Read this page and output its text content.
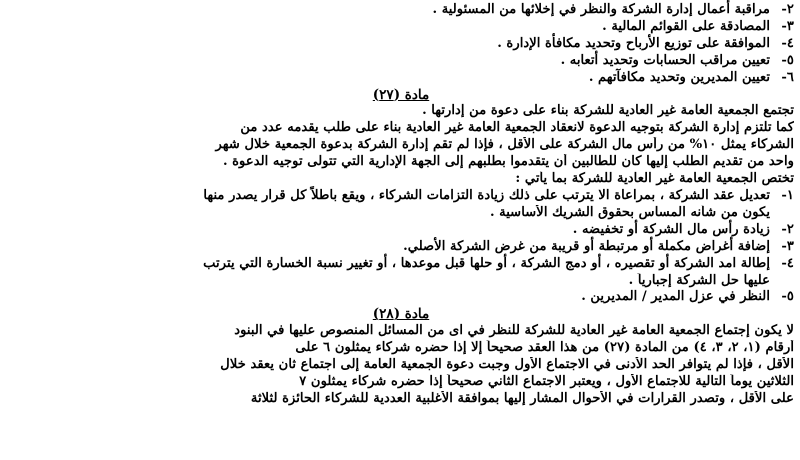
٢-
مراقبة أعمال إدارة الشركة والنظر في إخلائها من المسئولية .
٣-
المصادقة على القوائم المالية .
٤-
الموافقة على توزيع الأرباح وتحديد مكافأة الإدارة .
٥-
تعيين مراقب الحسابات وتحديد أتعابه .
٦-
تعيين المديرين وتحديد مكافآتهم .
مادة (٢٧)
تجتمع الجمعية العامة غير العادية للشركة بناء على دعوة من إدارتها .
كما تلتزم إدارة الشركة بتوجيه الدعوة لانعقاد الجمعية العامة غير العادية بناء على طلب يقدمه عدد من
الشركاء يمثل ١٠% من رأس مال الشركة على الأقل ، فإذا لم تقم إدارة الشركة بدعوة الجمعية خلال شهر
واحد من تقديم الطلب إليها كان للطالبين أن يتقدموا بطلبهم إلى الجهة الإدارية التي تتولى توجيه الدعوة .
تختص الجمعية العامة غير العادية للشركة بما يأتي :
١-
تعديل عقد الشركة ، بمراعاة الا يترتب على ذلك زيادة التزامات الشركاء ، ويقع باطلاً كل قرار يصدر منها
يكون من شأنه المساس بحقوق الشريك الأساسية .
٢-
زيادة رأس مال الشركة أو تخفيضه .
٣-
إضافة أغراض مكملة أو مرتبطة أو قريبة من غرض الشركة الأصلي.
٤-
إطالة امد الشركة أو تقصيره ، أو دمج الشركة ، أو حلها قبل موعدها ، أو تغيير نسبة الخسارة التي يترتب
عليها حل الشركة إجبارياً .
٥-
النظر في عزل المدير / المديرين .
مادة (٢٨)
لا يكون إجتماع الجمعية العامة غير العادية للشركة للنظر في اى من المسائل المنصوص عليها في البنود
أرقام (١، ٢، ٣، ٤) من المادة (٢٧) من هذا العقد صحيحاً إلا إذا حضره شركاء يمثلون ٦ على
الأقل ، فإذا لم يتوافر الحد الأدنى في الاجتماع الأول وجبت دعوة الجمعية العامة إلى اجتماع ثان يعقد خلال
الثلاثين يوماً التالية للاجتماع الأول ، ويعتبر الاجتماع الثاني صحيحاً إذا حضره شركاء يمثلون ٧
على الأقل ، وتصدر القرارات في الأحوال المشار إليها بموافقة الأغلبية العددية للشركاء الحائزة لثلاثة
